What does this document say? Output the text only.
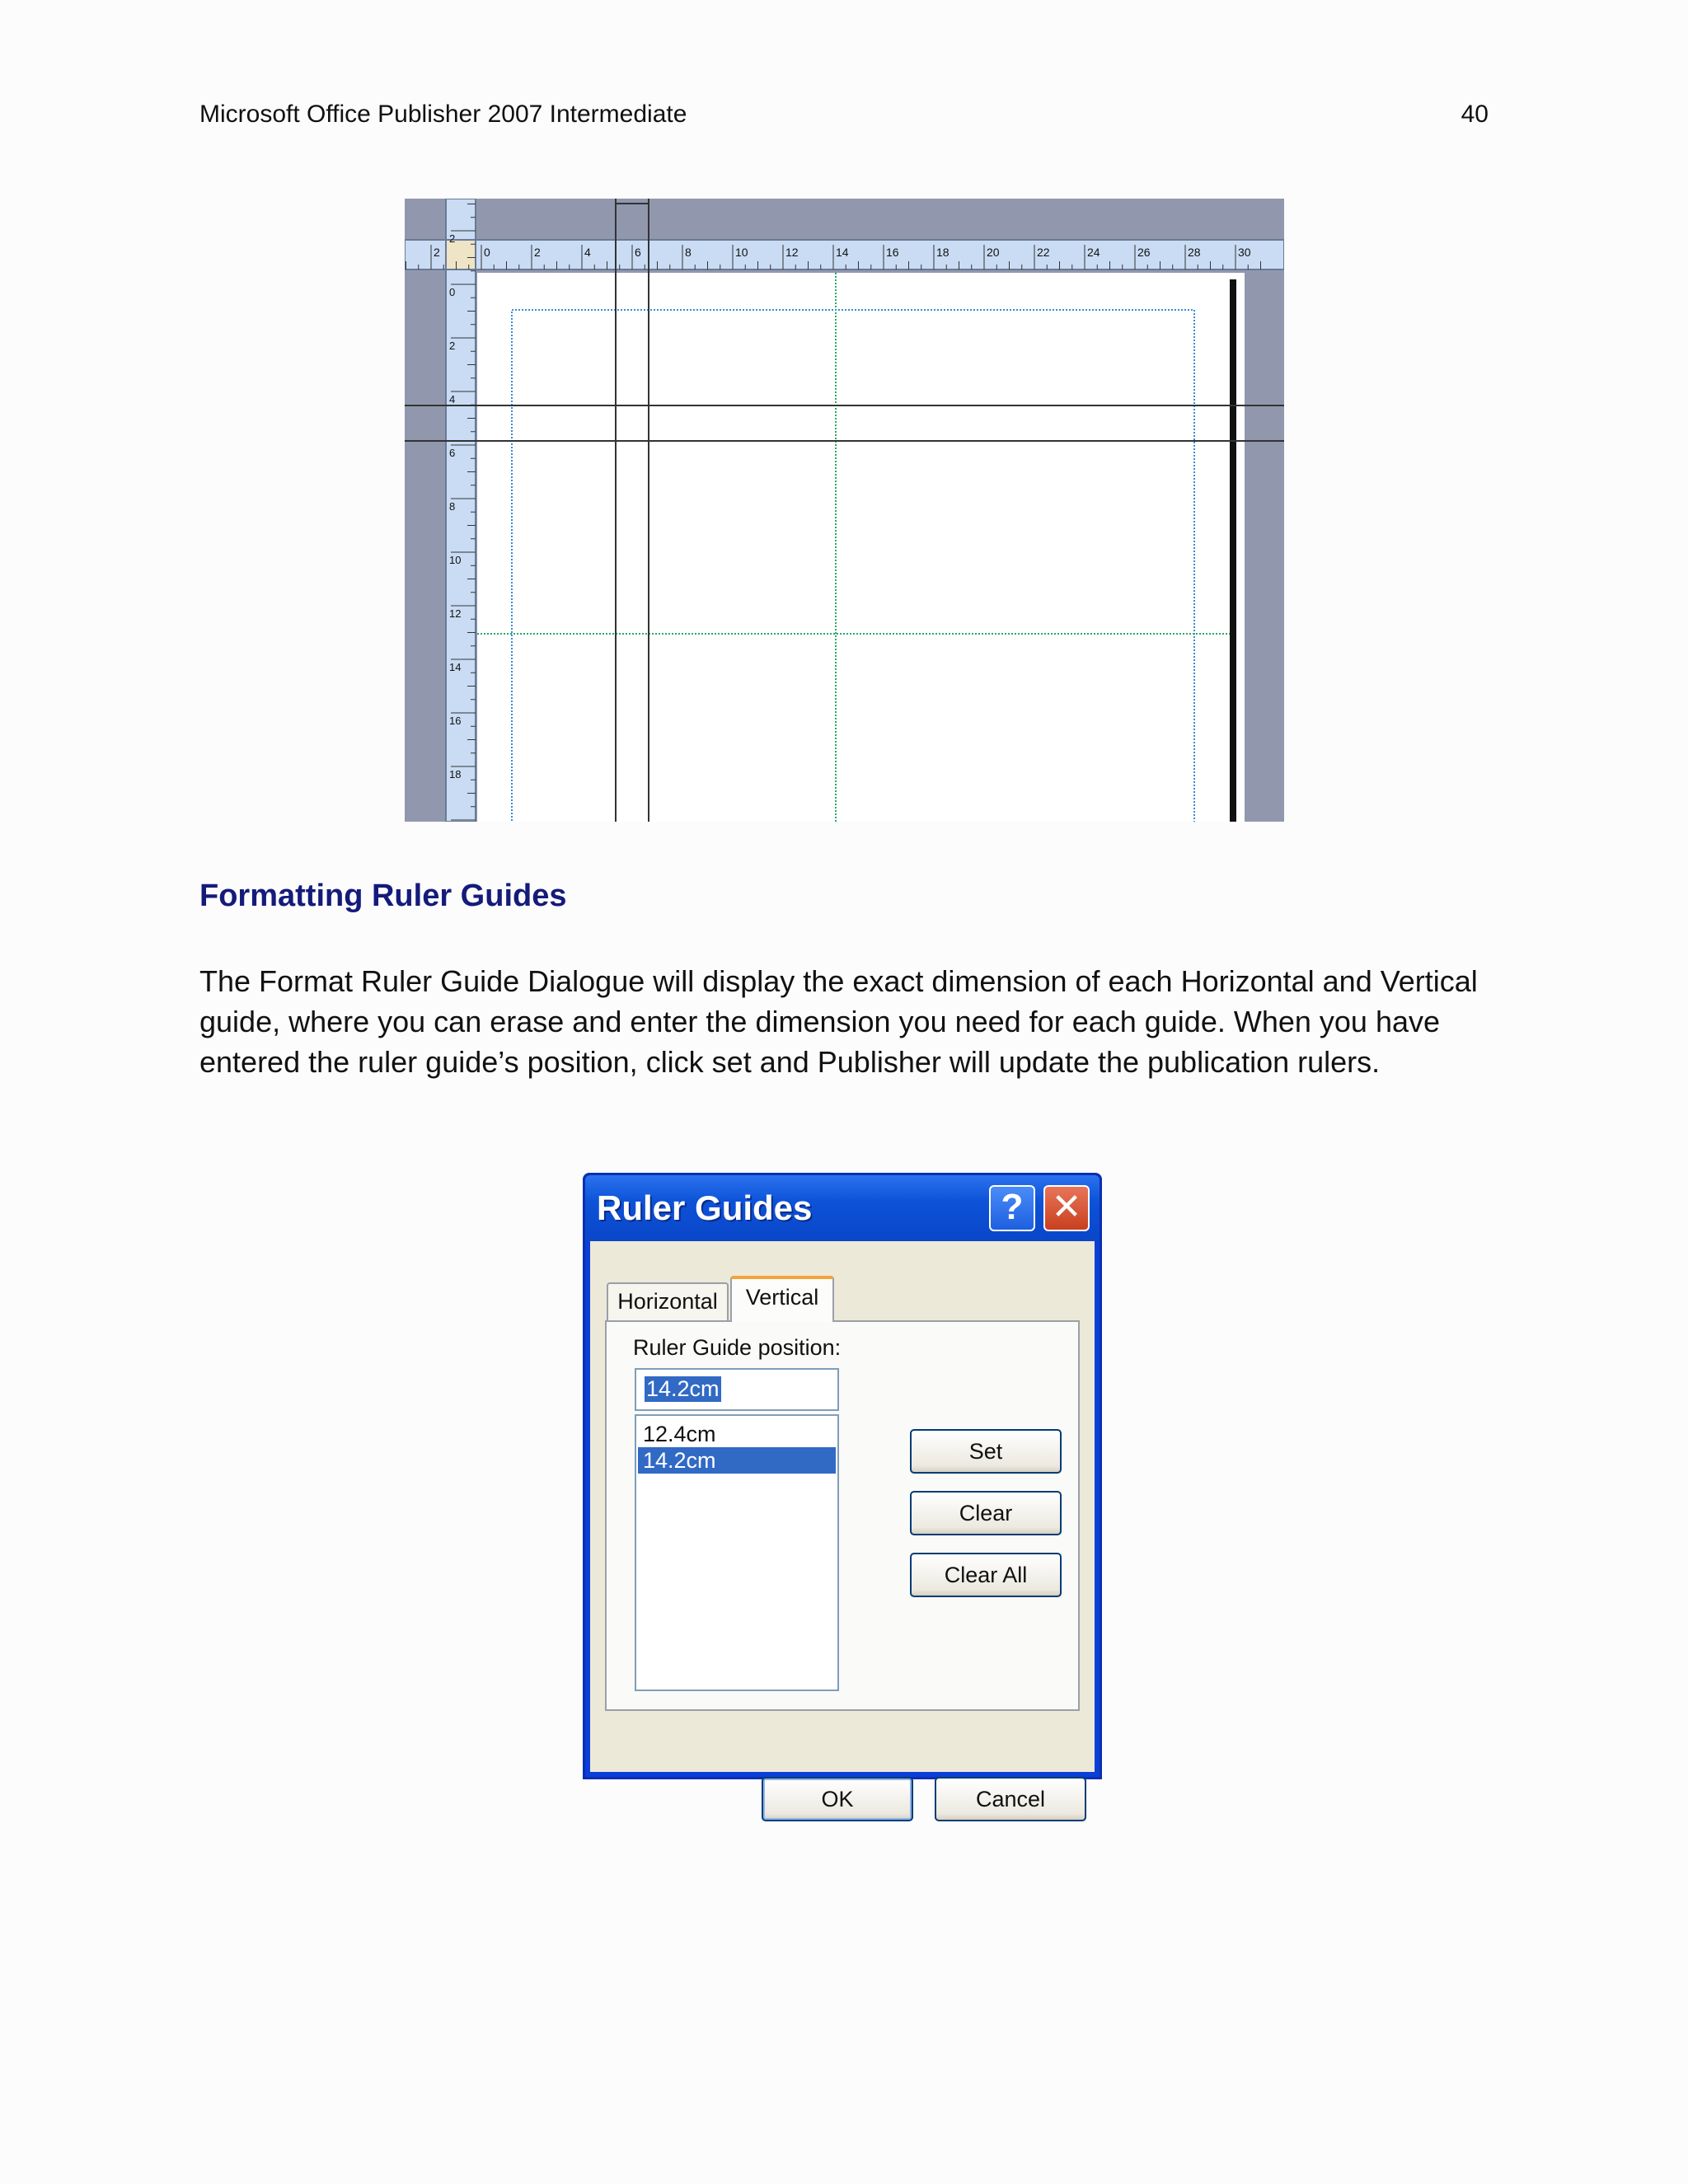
Microsoft Office Publisher 2007 Intermediate	40
2	0	2	4	6	8	10	12	14	16	18	20	22	24	26	28	30
2
0
2
4
6
8
10
12
14
16
18
Formatting Ruler Guides

The Format Ruler Guide Dialogue will display the exact dimension of each Horizontal and Vertical guide, where you can erase and enter the dimension you need for each guide. When you have entered the ruler guide’s position, click set and Publisher will update the publication rulers.

Ruler Guides	? ✕
Horizontal	Vertical
Ruler Guide position:
14.2cm
12.4cm
14.2cm	Set
Clear
Clear All
OK	Cancel
